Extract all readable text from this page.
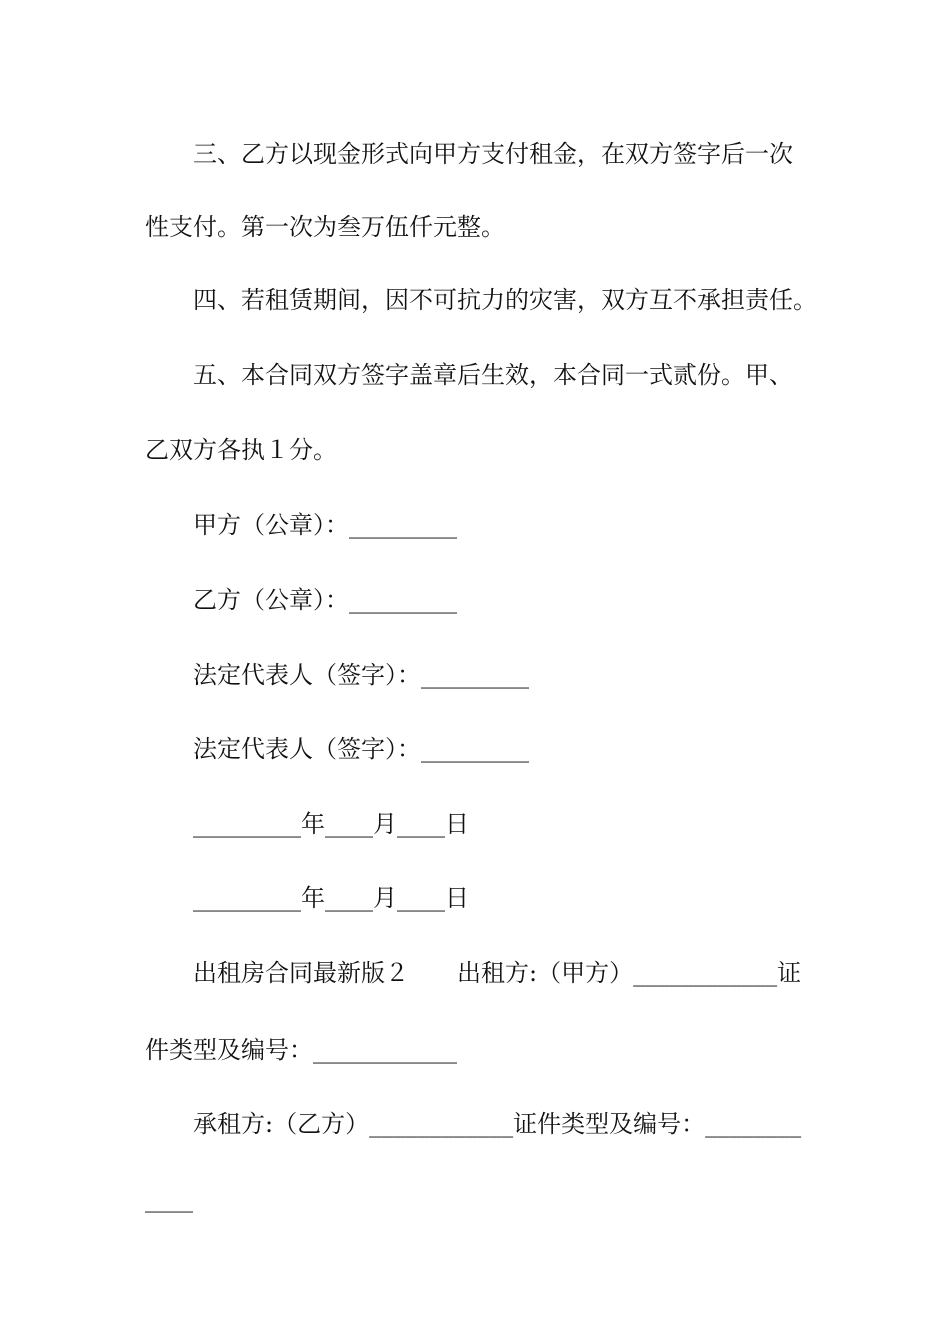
三、乙方以现金形式向甲方支付租金，在双方签字后一次
性支付。第一次为叁万伍仟元整。
四、若租赁期间，因不可抗力的灾害，双方互不承担责任。
五、本合同双方签字盖章后生效，本合同一式贰份。甲、
乙双方各执１分。
甲方（公章）：_________
乙方（公章）：_________
法定代表人（签字）：_________
法定代表人（签字）：_________
_________年____月____日
_________年____月____日
出租房合同最新版２　　出租方:（甲方）____________证
件类型及编号：____________
承租方:（乙方）____________证件类型及编号：________
____
